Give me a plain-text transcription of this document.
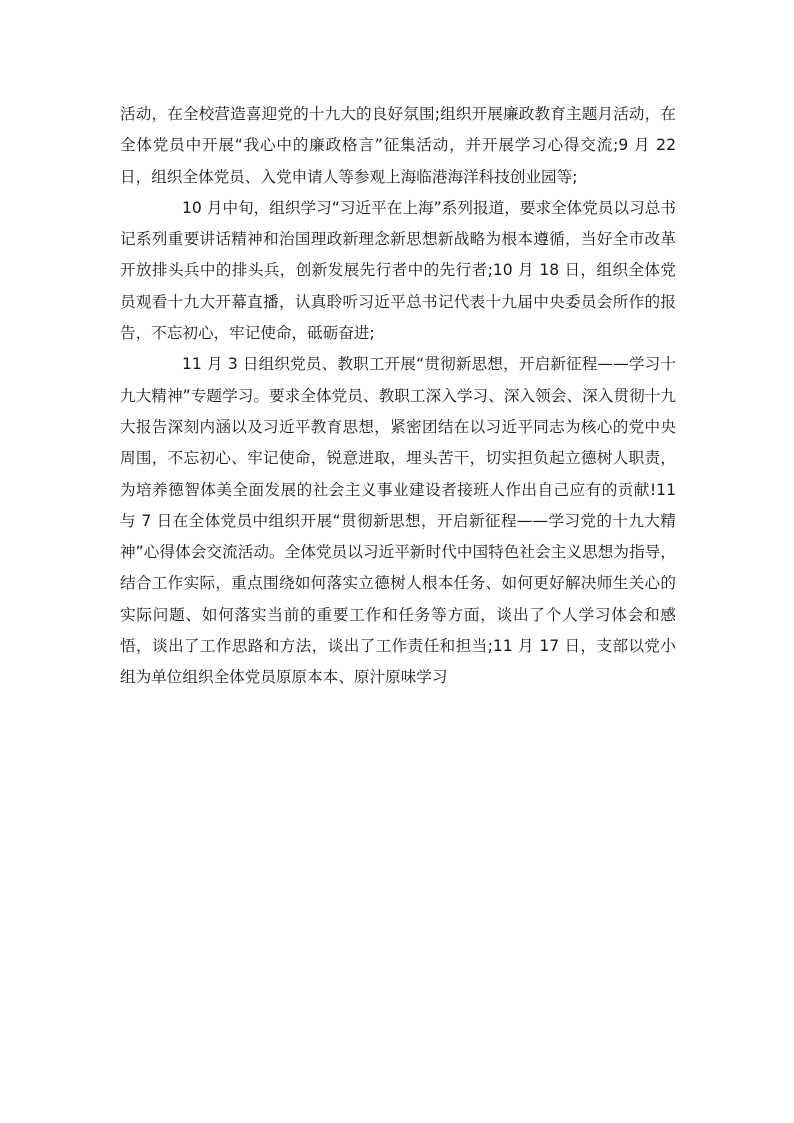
活动，在全校营造喜迎党的十九大的良好氛围;组织开展廉政教育主题月活动，在全体党员中开展“我心中的廉政格言”征集活动，并开展学习心得交流;9 月 22 日，组织全体党员、入党申请人等参观上海临港海洋科技创业园等;

10 月中旬，组织学习“习近平在上海”系列报道，要求全体党员以习总书记系列重要讲话精神和治国理政新理念新思想新战略为根本遵循，当好全市改革开放排头兵中的排头兵，创新发展先行者中的先行者;10 月 18 日，组织全体党员观看十九大开幕直播，认真聆听习近平总书记代表十九届中央委员会所作的报告，不忘初心，牢记使命，砥砺奋进;

11 月 3 日组织党员、教职工开展“贯彻新思想，开启新征程——学习十九大精神”专题学习。要求全体党员、教职工深入学习、深入领会、深入贯彻十九大报告深刻内涵以及习近平教育思想，紧密团结在以习近平同志为核心的党中央周围，不忘初心、牢记使命，锐意进取，埋头苦干，切实担负起立德树人职责，为培养德智体美全面发展的社会主义事业建设者接班人作出自己应有的贡献!11 与 7 日在全体党员中组织开展“贯彻新思想，开启新征程——学习党的十九大精神”心得体会交流活动。全体党员以习近平新时代中国特色社会主义思想为指导，结合工作实际，重点围绕如何落实立德树人根本任务、如何更好解决师生关心的实际问题、如何落实当前的重要工作和任务等方面，谈出了个人学习体会和感悟，谈出了工作思路和方法，谈出了工作责任和担当;11 月 17 日，支部以党小组为单位组织全体党员原原本本、原汁原味学习
